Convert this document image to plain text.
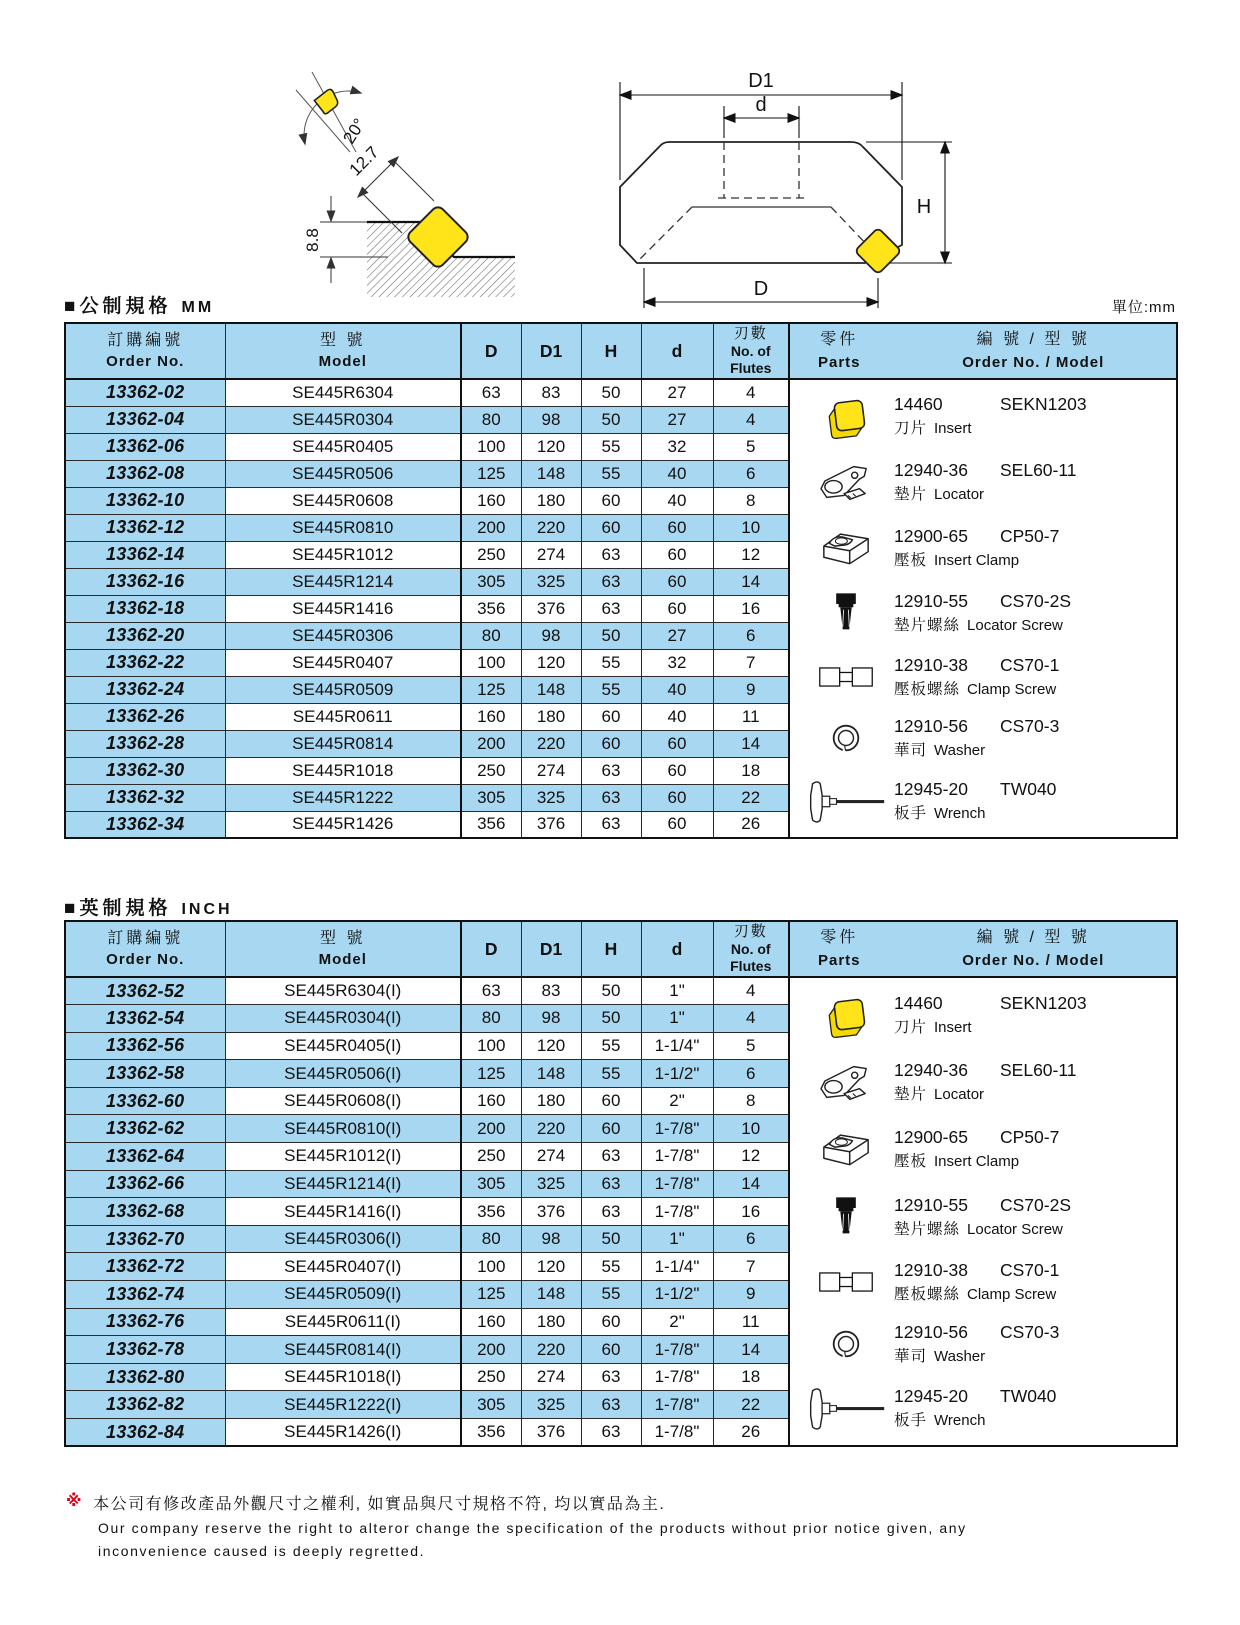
20°
12.7
8.8
D1
d
H
D
■公制規格 MM	單位:mm
訂購編號
Order No.

型 號
Model
	D	D1	H	d	
刃數
No. of
Flutes

零件
Parts
編 號 / 型 號
Order No. / Model

13362-02	SE445R6304	63	83	50	27	4	
14460	SEKN1203
刀片 Insert
12940-36 SEL60-11
墊片 Locator
12900-65 CP50-7
壓板 Insert Clamp
12910-55 CS70-2S
墊片螺絲 Locator Screw
12910-38 CS70-1
壓板螺絲 Clamp Screw
12910-56 CS70-3
華司 Washer
12945-20 TW040
板手 Wrench

13362-04	SE445R0304	80	98	50	27	4	
13362-06	SE445R0405	100	120	55	32	5	
13362-08	SE445R0506	125	148	55	40	6	
13362-10	SE445R0608	160	180	60	40	8	
13362-12	SE445R0810	200	220	60	60	10	
13362-14	SE445R1012	250	274	63	60	12	
13362-16	SE445R1214	305	325	63	60	14	
13362-18	SE445R1416	356	376	63	60	16	
13362-20	SE445R0306	80	98	50	27	6	
13362-22	SE445R0407	100	120	55	32	7	
13362-24	SE445R0509	125	148	55	40	9	
13362-26	SE445R0611	160	180	60	40	11	
13362-28	SE445R0814	200	220	60	60	14	
13362-30	SE445R1018	250	274	63	60	18	
13362-32	SE445R1222	305	325	63	60	22	
13362-34	SE445R1426	356	376	63	60	26	
■英制規格 INCH
訂購編號
Order No.

型 號
Model
	D	D1	H	d	
刃數
No. of
Flutes

零件
Parts
編 號 / 型 號
Order No. / Model

13362-52	SE445R6304(I)	63	83	50	1"	4	
14460	SEKN1203
刀片 Insert
12940-36 SEL60-11
墊片 Locator
12900-65 CP50-7
壓板 Insert Clamp
12910-55 CS70-2S
墊片螺絲 Locator Screw
12910-38 CS70-1
壓板螺絲 Clamp Screw
12910-56 CS70-3
華司 Washer
12945-20 TW040
板手 Wrench

13362-54	SE445R0304(I)	80	98	50	1"	4	
13362-56	SE445R0405(I)	100	120	55	1-1/4"	5	
13362-58	SE445R0506(I)	125	148	55	1-1/2"	6	
13362-60	SE445R0608(I)	160	180	60	2"	8	
13362-62	SE445R0810(I)	200	220	60	1-7/8"	10	
13362-64	SE445R1012(I)	250	274	63	1-7/8"	12	
13362-66	SE445R1214(I)	305	325	63	1-7/8"	14	
13362-68	SE445R1416(I)	356	376	63	1-7/8"	16	
13362-70	SE445R0306(I)	80	98	50	1"	6	
13362-72	SE445R0407(I)	100	120	55	1-1/4"	7	
13362-74	SE445R0509(I)	125	148	55	1-1/2"	9	
13362-76	SE445R0611(I)	160	180	60	2"	11	
13362-78	SE445R0814(I)	200	220	60	1-7/8"	14	
13362-80	SE445R1018(I)	250	274	63	1-7/8"	18	
13362-82	SE445R1222(I)	305	325	63	1-7/8"	22	
13362-84	SE445R1426(I)	356	376	63	1-7/8"	26	
※ 本公司有修改產品外觀尺寸之權利, 如實品與尺寸規格不符, 均以實品為主.
Our company reserve the right to alteror change the specification of the products without prior notice given, any
inconvenience caused is deeply regretted.
